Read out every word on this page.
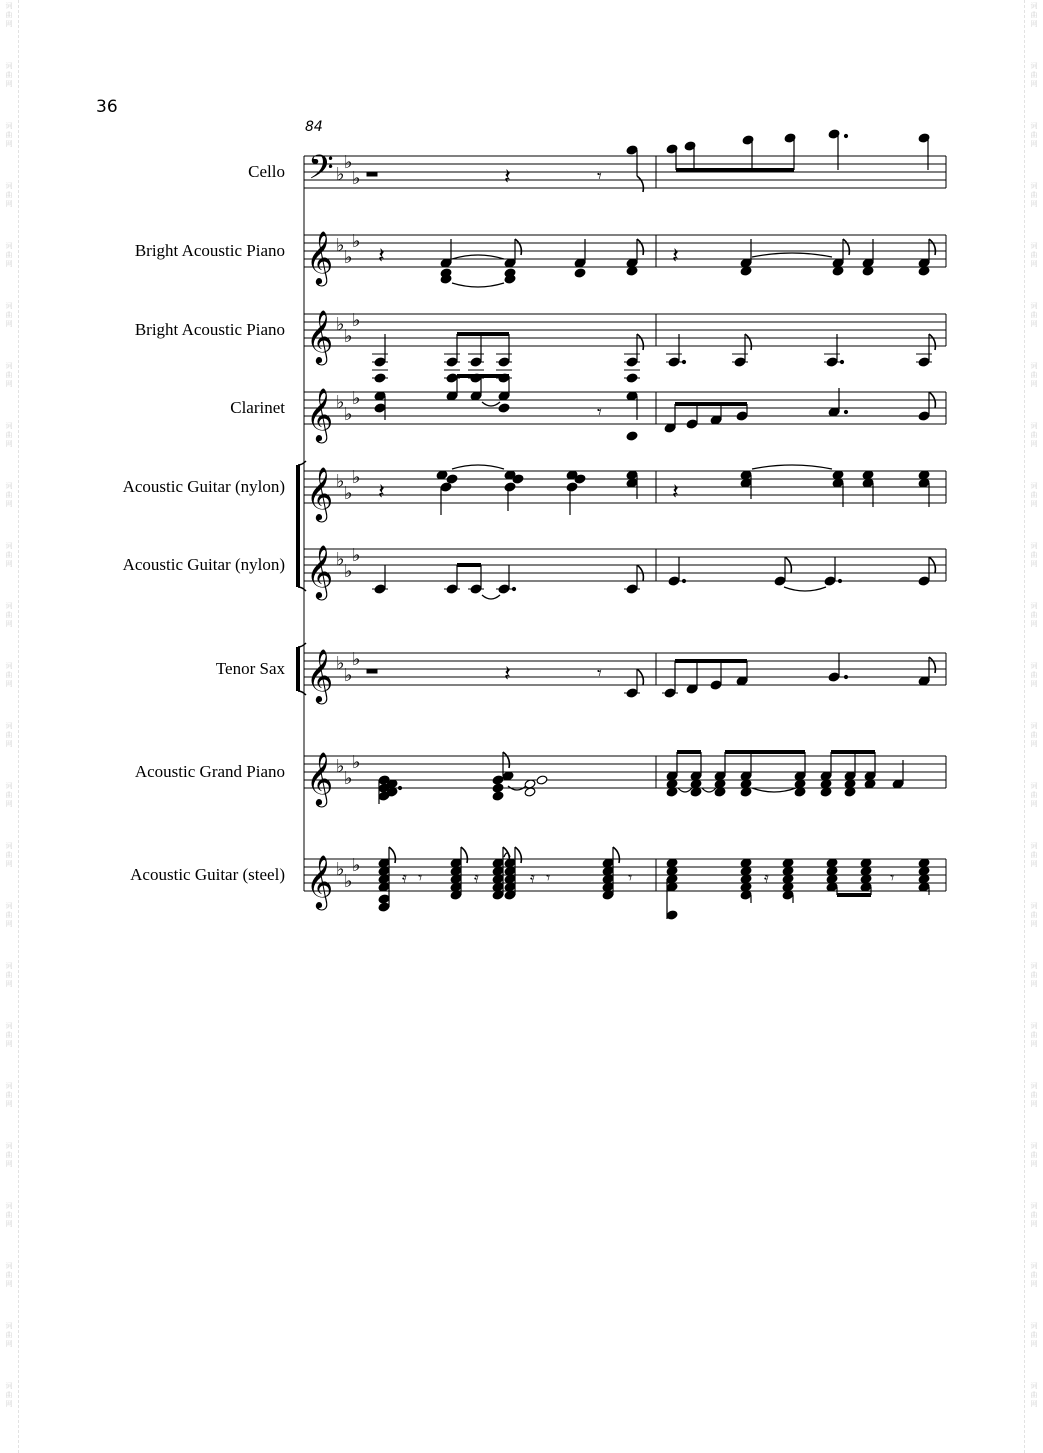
词
曲
网
词
曲
网
词
曲
网
词
曲
网
词
曲
网
词
曲
网
词
曲
网
词
曲
网
词
曲
网
词
曲
网
词
曲
网
词
曲
网
词
曲
网
词
曲
网
词
曲
网
词
曲
网
词
曲
网
词
曲
网
词
曲
网
词
曲
网
词
曲
网
词
曲
网
词
曲
网
词
曲
网
词
曲
网
词
曲
网
词
曲
网
词
曲
网
词
曲
网
词
曲
网
词
曲
网
词
曲
网
词
曲
网
词
曲
网
词
曲
网
词
曲
网
词
曲
网
词
曲
网
词
曲
网
词
曲
网
词
曲
网
词
曲
网
词
曲
网
词
曲
网
词
曲
网
词
曲
网
词
曲
网
词
曲
网
36
84
Cello
Bright Acoustic Piano
Bright Acoustic Piano
Clarinet
Acoustic Guitar (nylon)
Acoustic Guitar (nylon)
Tenor Sax
Acoustic Grand Piano
Acoustic Guitar (steel)
𝄢 ♭
♭
♭
𝄞 ♭
♭
♭
𝄞 ♭
♭
♭
𝄞 ♭
♭
♭
𝄞 ♭
♭
♭
𝄞 ♭
♭
♭
𝄞 ♭
♭
♭
𝄞 ♭
♭
♭
𝄞 ♭
♭
♭
𝄽	𝄾
𝄽	𝄽
𝄾
𝄽	𝄽
𝄽	𝄾
𝄿 𝄾	𝄿	𝄿 𝄾	𝄾	𝄿	𝄾
